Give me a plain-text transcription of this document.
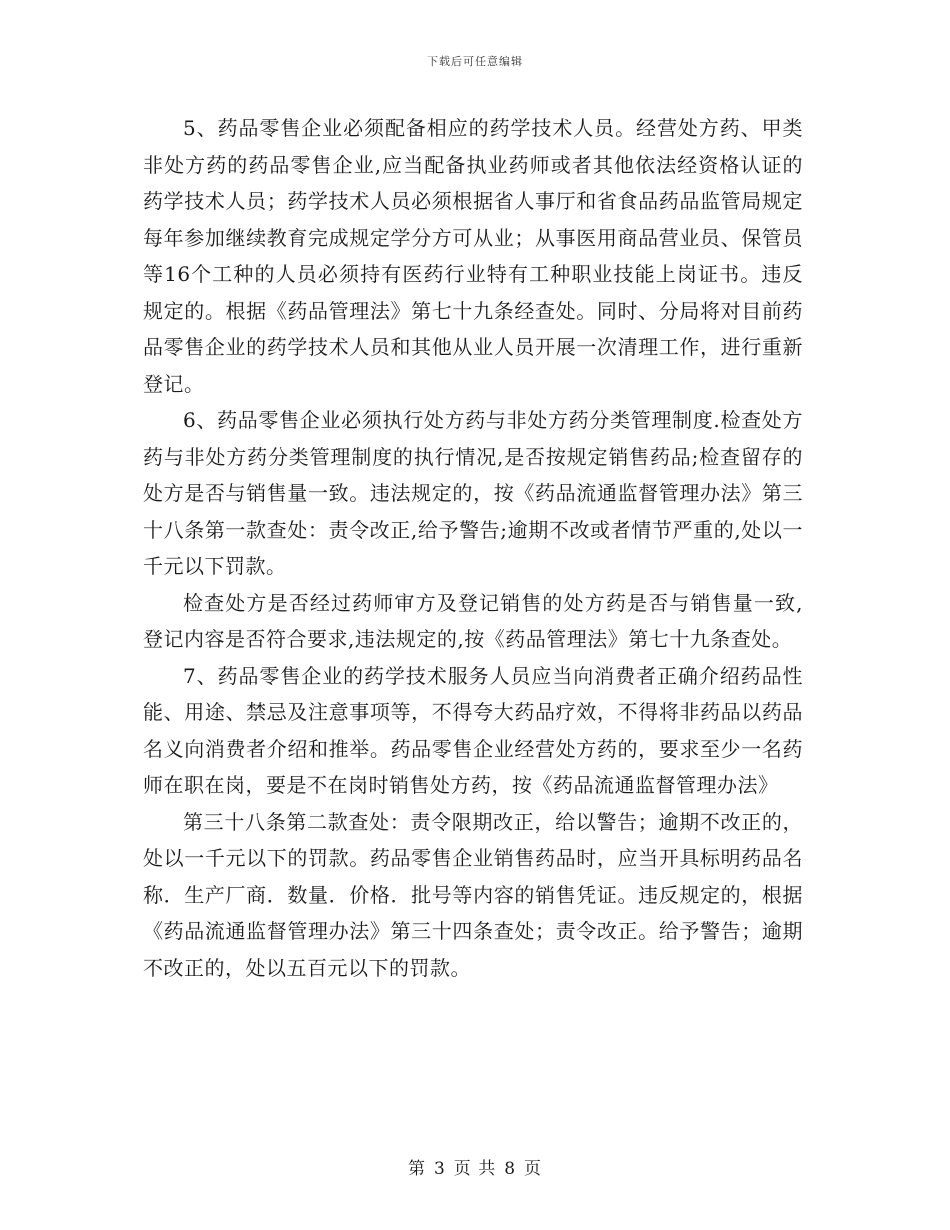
下载后可任意编辑

5、药品零售企业必须配备相应的药学技术人员。经营处方药、甲类非处方药的药品零售企业,应当配备执业药师或者其他依法经资格认证的药学技术人员；药学技术人员必须根据省人事厅和省食品药品监管局规定每年参加继续教育完成规定学分方可从业；从事医用商品营业员、保管员等16个工种的人员必须持有医药行业特有工种职业技能上岗证书。违反规定的。根据《药品管理法》第七十九条经查处。同时、分局将对目前药品零售企业的药学技术人员和其他从业人员开展一次清理工作，进行重新登记。

6、药品零售企业必须执行处方药与非处方药分类管理制度.检查处方药与非处方药分类管理制度的执行情况,是否按规定销售药品;检查留存的处方是否与销售量一致。违法规定的，按《药品流通监督管理办法》第三十八条第一款查处：责令改正,给予警告;逾期不改或者情节严重的,处以一千元以下罚款。

检查处方是否经过药师审方及登记销售的处方药是否与销售量一致,登记内容是否符合要求,违法规定的,按《药品管理法》第七十九条查处。

7、药品零售企业的药学技术服务人员应当向消费者正确介绍药品性能、用途、禁忌及注意事项等，不得夸大药品疗效，不得将非药品以药品名义向消费者介绍和推举。药品零售企业经营处方药的，要求至少一名药师在职在岗，要是不在岗时销售处方药，按《药品流通监督管理办法》

第三十八条第二款查处：责令限期改正，给以警告；逾期不改正的，处以一千元以下的罚款。药品零售企业销售药品时，应当开具标明药品名称．生产厂商．数量．价格．批号等内容的销售凭证。违反规定的，根据《药品流通监督管理办法》第三十四条查处；责令改正。给予警告；逾期不改正的，处以五百元以下的罚款。

第 3 页 共 8 页
